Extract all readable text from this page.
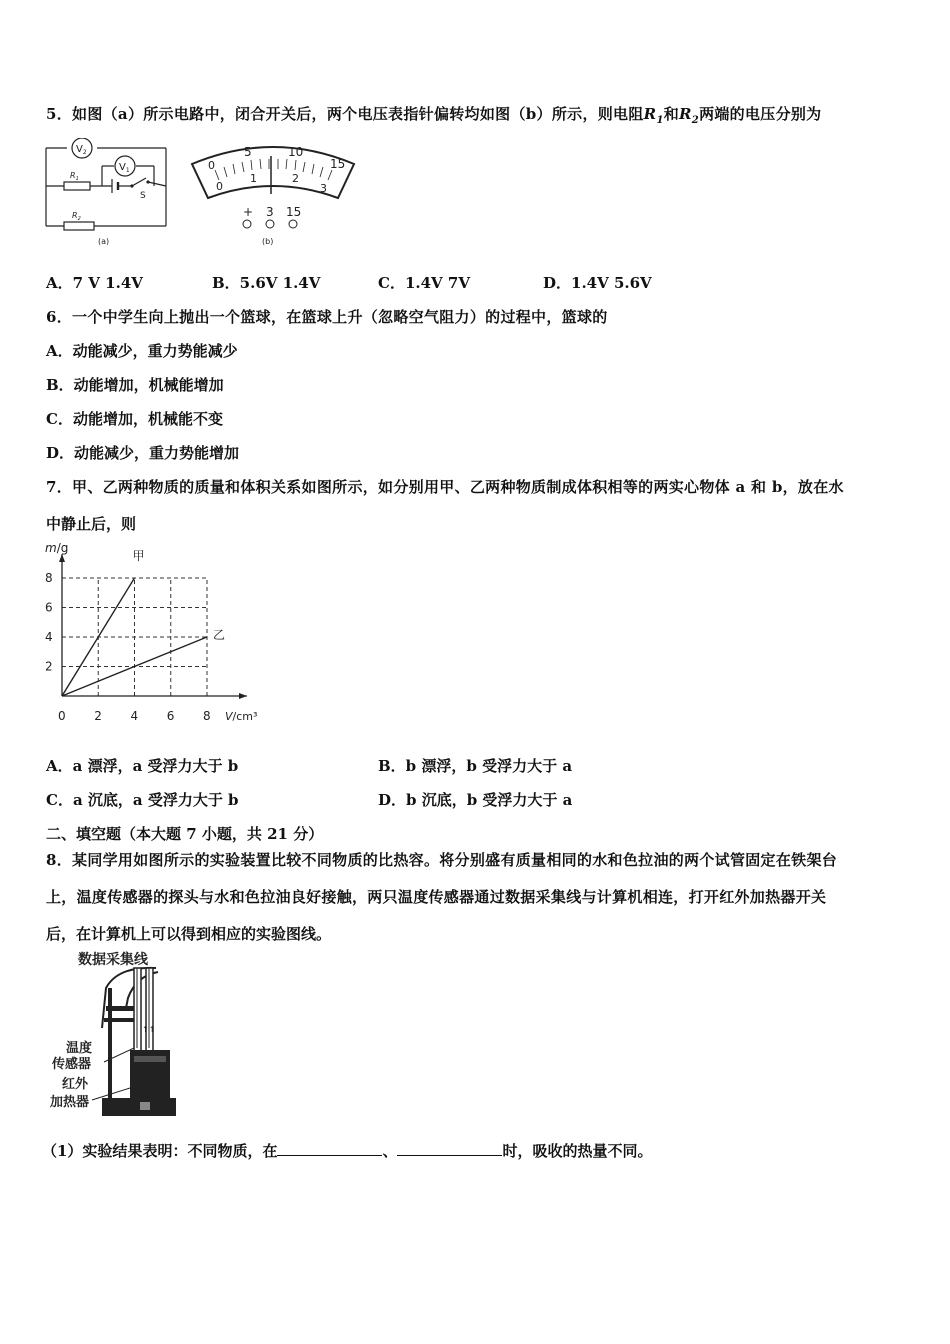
5．如图（a）所示电路中，闭合开关后，两个电压表指针偏转均如图（b）所示，则电阻$R_1$和$R_2$两端的电压分别为
$V_2$
$V_1$
$R_1$
S
$R_2$
(a)
0
5	10
15
0
1	2
3
+ 3 15
(b)
A．7 V 1.4V	B．5.6V 1.4V	C．1.4V 7V	D．1.4V 5.6V
6．一个中学生向上抛出一个篮球，在篮球上升（忽略空气阻力）的过程中，篮球的
A．动能减少，重力势能减少
B．动能增加，机械能增加
C．动能增加，机械能不变
D．动能减少，重力势能增加
7．甲、乙两种物质的质量和体积关系如图所示，如分别用甲、乙两种物质制成体积相等的两实心物体 a 和 b，放在水
中静止后，则
0 2 4 6 8
2
4
6
8
m/g
V/cm³
甲
乙
A．a 漂浮，a 受浮力大于 b	B．b 漂浮，b 受浮力大于 a
C．a 沉底，a 受浮力大于 b	D．b 沉底，b 受浮力大于 a
二、填空题（本大题 7 小题，共 21 分）
8．某同学用如图所示的实验装置比较不同物质的比热容。将分别盛有质量相同的水和色拉油的两个试管固定在铁架台
上，温度传感器的探头与水和色拉油良好接触，两只温度传感器通过数据采集线与计算机相连，打开红外加热器开关
后，在计算机上可以得到相应的实验图线。
数据采集线
↑↑
温度
传感器
红外
加热器
（1）实验结果表明：不同物质，在	、	时，吸收的热量不同。
